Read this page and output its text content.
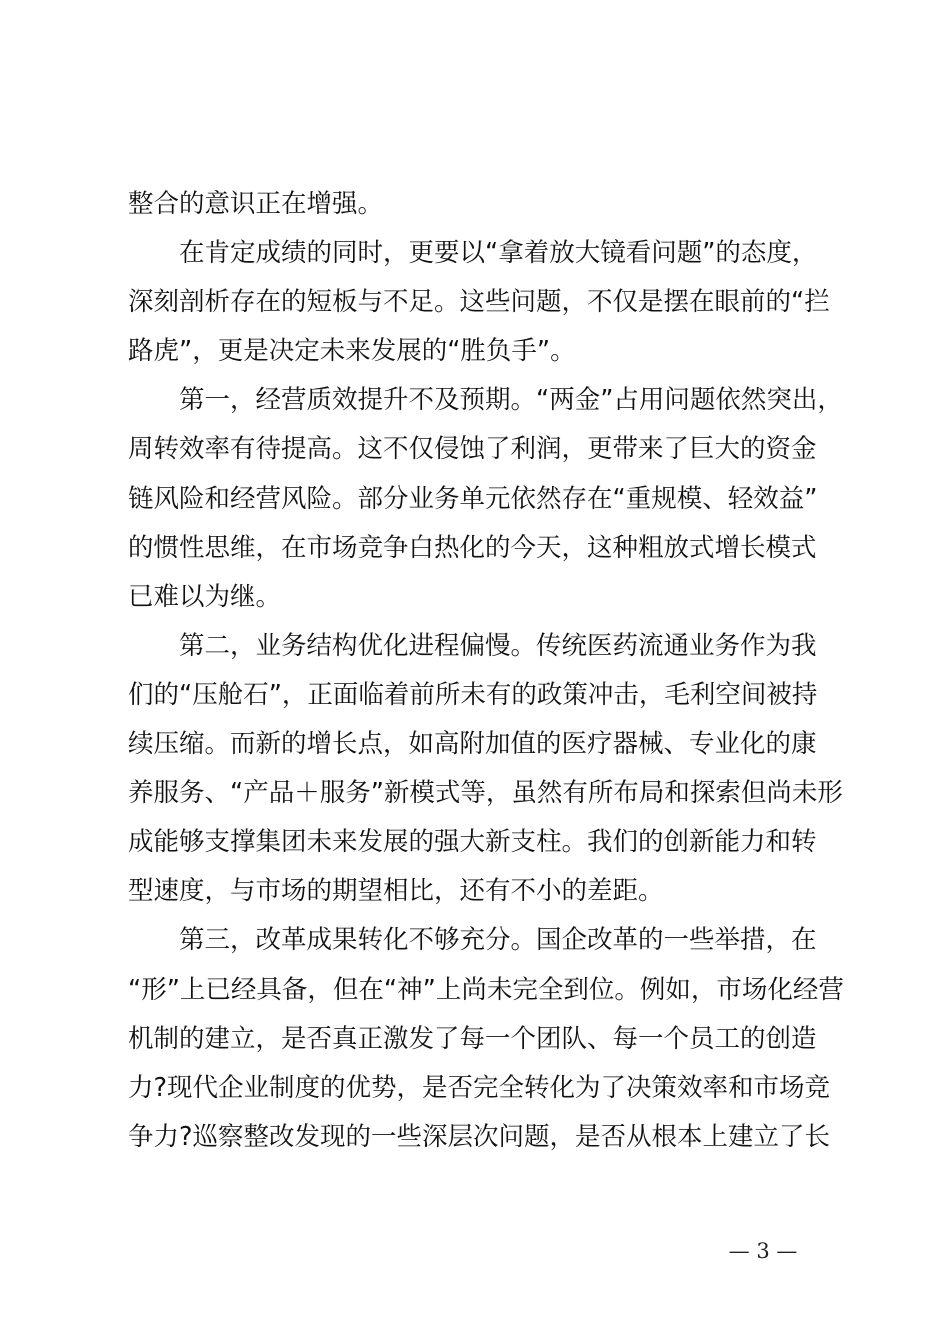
整合的意识正在增强。
在肯定成绩的同时，更要以“拿着放大镜看问题”的态度，
深刻剖析存在的短板与不足。这些问题，不仅是摆在眼前的“拦
路虎”，更是决定未来发展的“胜负手”。
第一，经营质效提升不及预期。“两金”占用问题依然突出，
周转效率有待提高。这不仅侵蚀了利润，更带来了巨大的资金
链风险和经营风险。部分业务单元依然存在“重规模、轻效益”
的惯性思维，在市场竞争白热化的今天，这种粗放式增长模式
已难以为继。
第二，业务结构优化进程偏慢。传统医药流通业务作为我
们的“压舱石”，正面临着前所未有的政策冲击，毛利空间被持
续压缩。而新的增长点，如高附加值的医疗器械、专业化的康
养服务、“产品＋服务”新模式等，虽然有所布局和探索但尚未形
成能够支撑集团未来发展的强大新支柱。我们的创新能力和转
型速度，与市场的期望相比，还有不小的差距。
第三，改革成果转化不够充分。国企改革的一些举措，在
“形”上已经具备，但在“神”上尚未完全到位。例如，市场化经营
机制的建立，是否真正激发了每一个团队、每一个员工的创造
力?现代企业制度的优势，是否完全转化为了决策效率和市场竞
争力?巡察整改发现的一些深层次问题，是否从根本上建立了长
— 3 —
